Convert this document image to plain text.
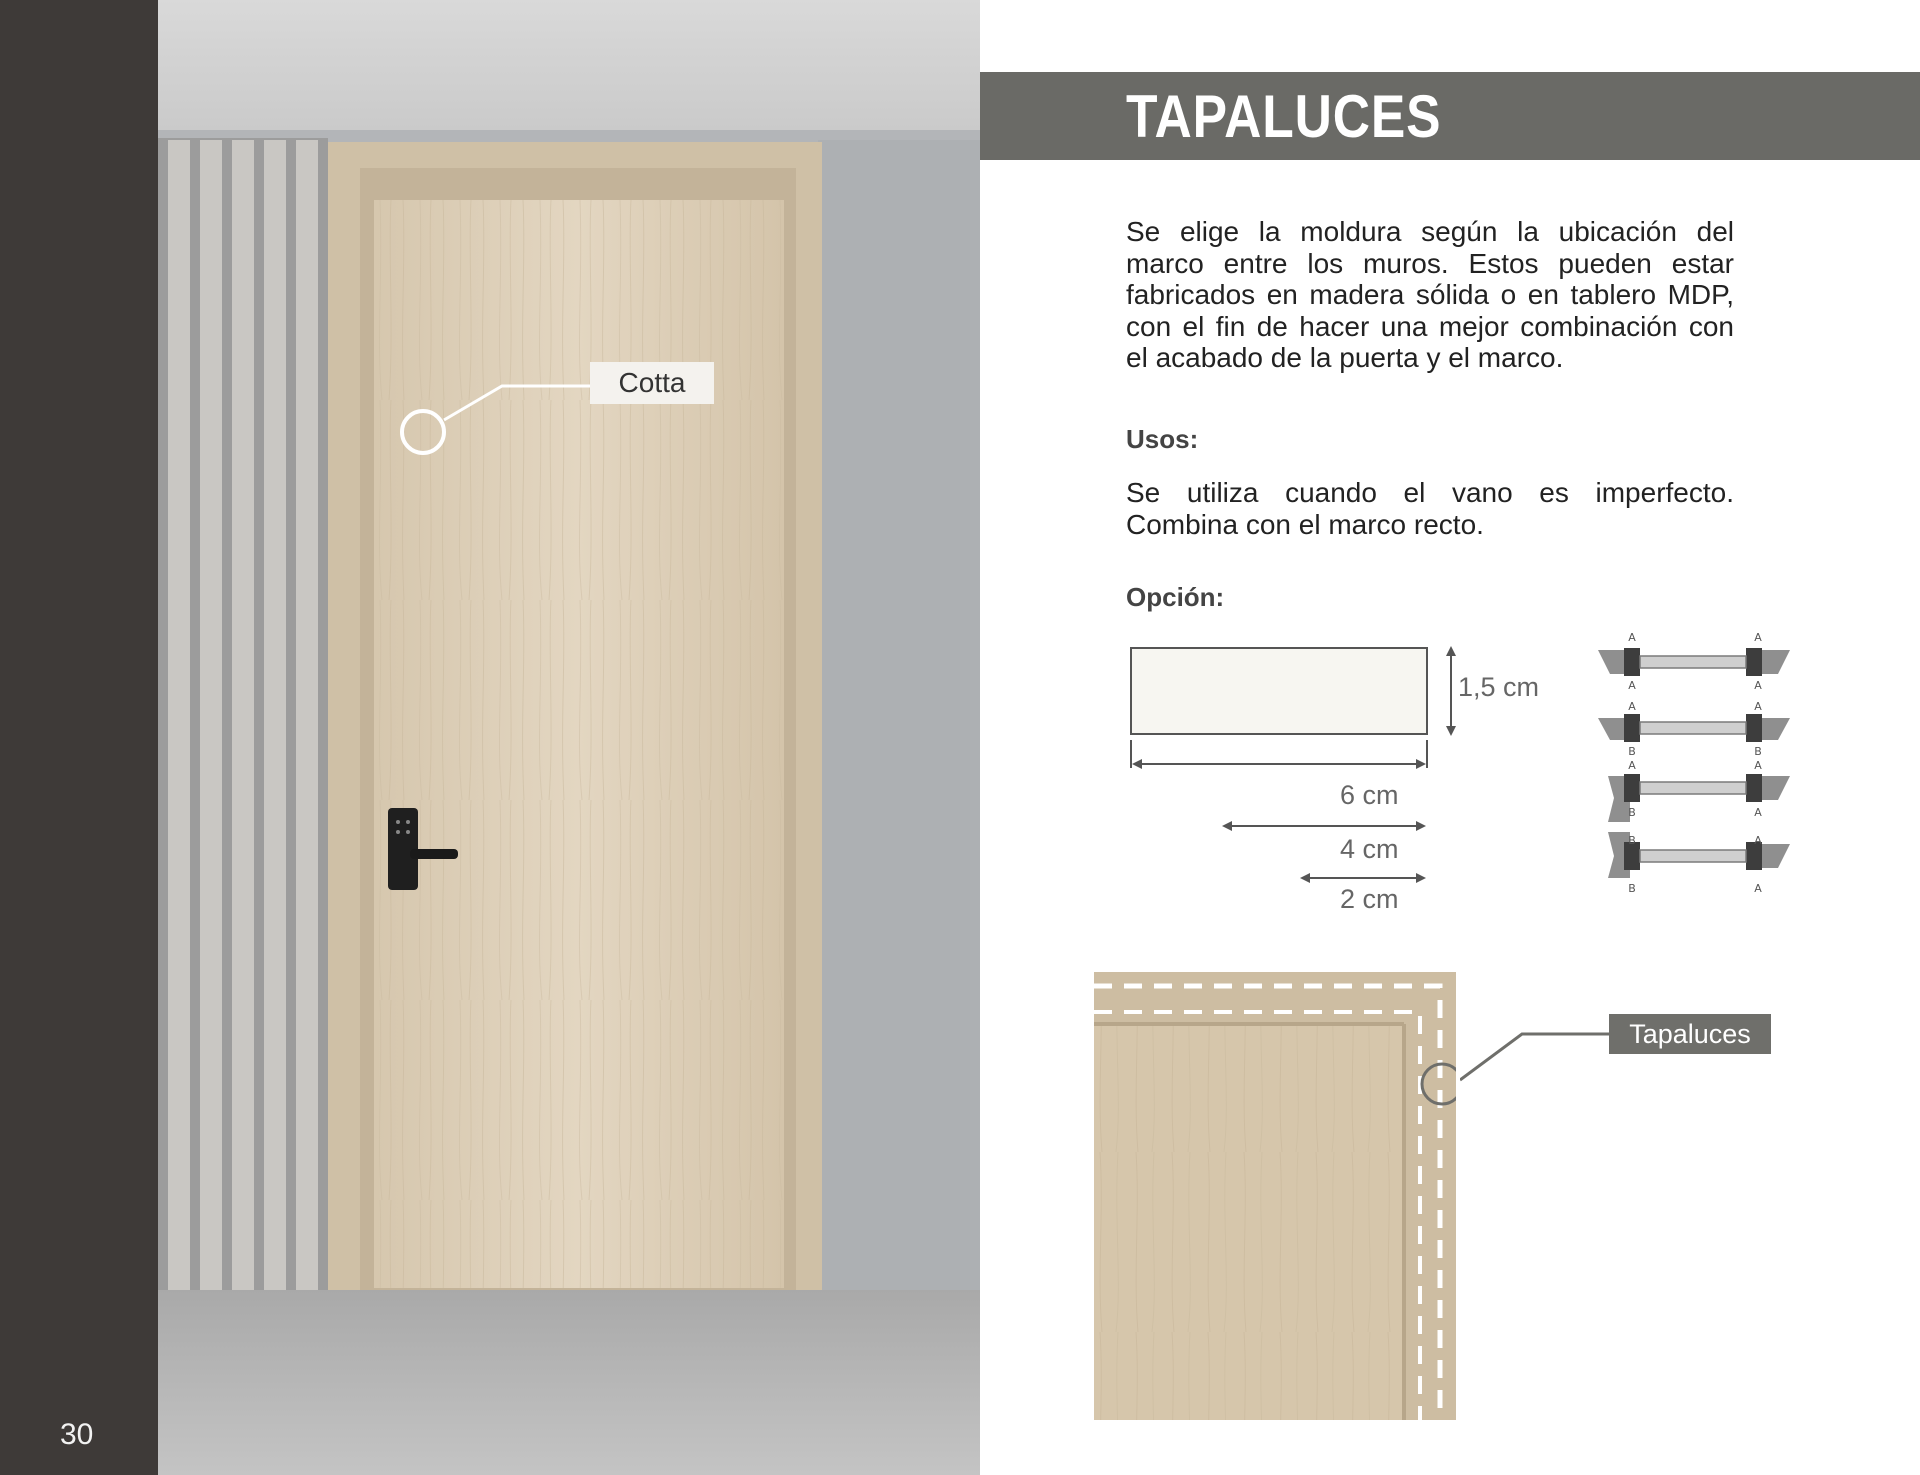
30
Cotta
TAPALUCES
Se elige la moldura según la ubicación del marco entre los muros. Estos pueden estar fabricados en madera sólida o en tablero MDP, con el fin de hacer una mejor combinación con el acabado de la puerta y el marco.
Usos:
Se utiliza cuando el vano es imperfecto. Combina con el marco recto.
Opción:
1,5 cm
6 cm
4 cm
2 cm
A
A
A
A
A
B
A
B
A
B
A
A
B
B
A
A
Tapaluces
